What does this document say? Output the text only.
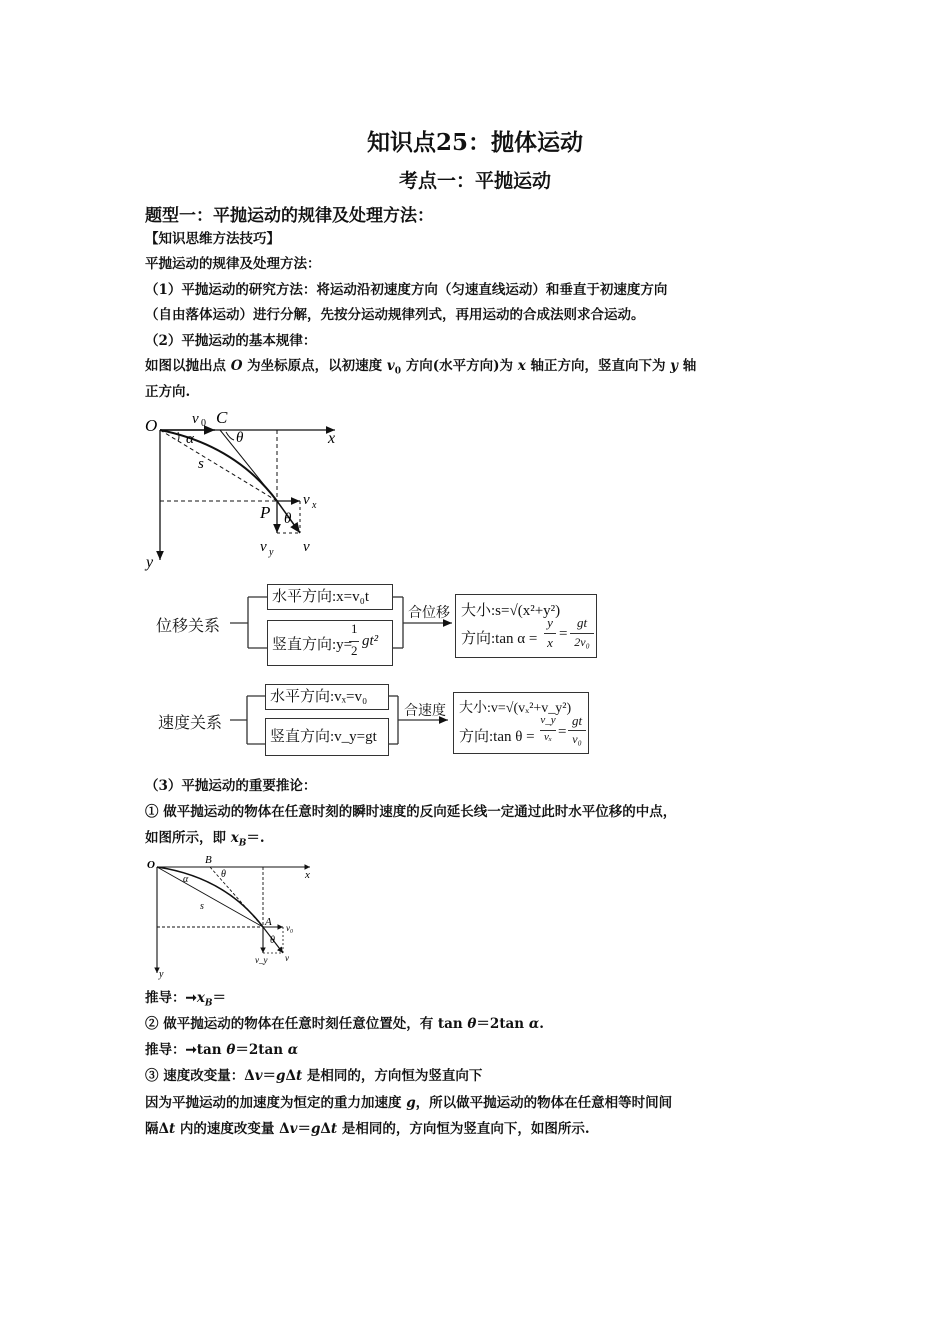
知识点25：抛体运动
考点一：平抛运动
题型一：平抛运动的规律及处理方法：
【知识思维方法技巧】
平抛运动的规律及处理方法：
（1）平抛运动的研究方法：将运动沿初速度方向（匀速直线运动）和垂直于初速度方向
（自由落体运动）进行分解，先按分运动规律列式，再用运动的合成法则求合运动。
（2）平抛运动的基本规律：
如图以抛出点 O 为坐标原点，以初速度 $v_0$ 方向(水平方向)为 x 轴正方向，竖直向下为 y 轴
正方向.
O
x
y
v 0 C
θ
α
s
P
v x
θ
v y v
位移关系
水平方向:x=v₀t
竖直方向:y=
1
2
gt²
合位移 大小:s=√(x²+y²)
方向:tan α =
y
x
=
gt
2v₀
速度关系
水平方向:vₓ=v₀
竖直方向:v_y=gt
合速度 大小:v=√(vₓ²+v_y²)
方向:tan θ =
v_y
vₓ =
gt
v₀
（3）平抛运动的重要推论：
① 做平抛运动的物体在任意时刻的瞬时速度的反向延长线一定通过此时水平位移的中点，
如图所示，即 $x_B=$.
O
x
y
B
θ
α
s
A v₀
θ
v_y v
推导：$➞x_B=$
② 做平抛运动的物体在任意时刻任意位置处，有 tan θ＝2tan α.
推导：➞tan θ＝2tan α
③ 速度改变量：Δv＝gΔt 是相同的，方向恒为竖直向下
因为平抛运动的加速度为恒定的重力加速度 g，所以做平抛运动的物体在任意相等时间间
隔Δt 内的速度改变量 Δv＝gΔt 是相同的，方向恒为竖直向下，如图所示.
